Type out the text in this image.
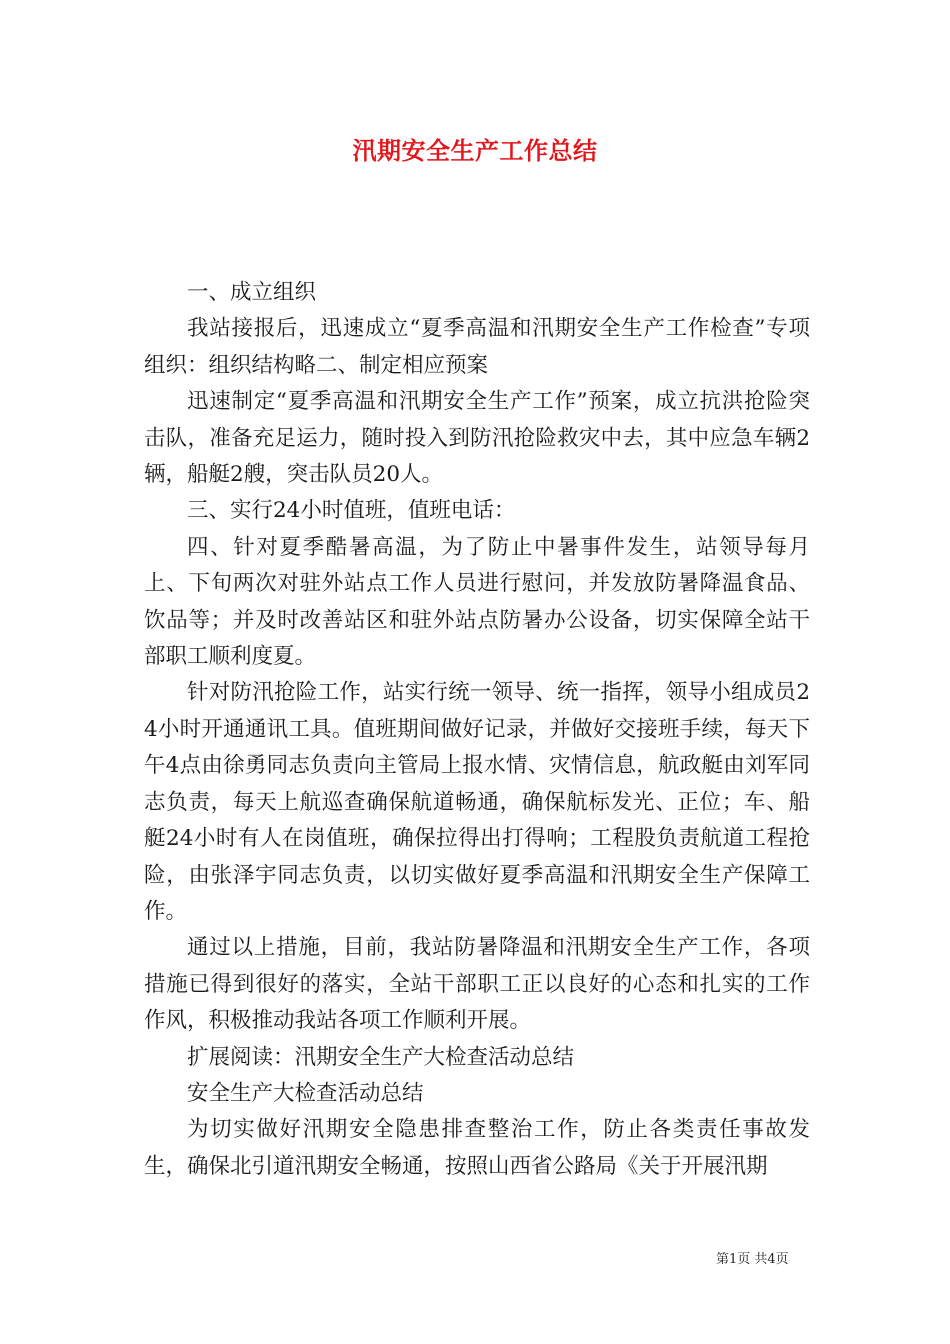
汛期安全生产工作总结

一、成立组织

我站接报后，迅速成立“夏季高温和汛期安全生产工作检查”专项组织：组织结构略二、制定相应预案

迅速制定“夏季高温和汛期安全生产工作”预案，成立抗洪抢险突击队，准备充足运力，随时投入到防汛抢险救灾中去，其中应急车辆2辆，船艇2艘，突击队员20人。

三、实行24小时值班，值班电话：

四、针对夏季酷暑高温，为了防止中暑事件发生，站领导每月上、下旬两次对驻外站点工作人员进行慰问，并发放防暑降温食品、饮品等；并及时改善站区和驻外站点防暑办公设备，切实保障全站干部职工顺利度夏。

针对防汛抢险工作，站实行统一领导、统一指挥，领导小组成员24小时开通通讯工具。值班期间做好记录，并做好交接班手续，每天下午4点由徐勇同志负责向主管局上报水情、灾情信息，航政艇由刘军同志负责，每天上航巡查确保航道畅通，确保航标发光、正位；车、船艇24小时有人在岗值班，确保拉得出打得响；工程股负责航道工程抢险，由张泽宇同志负责，以切实做好夏季高温和汛期安全生产保障工作。

通过以上措施，目前，我站防暑降温和汛期安全生产工作，各项措施已得到很好的落实，全站干部职工正以良好的心态和扎实的工作作风，积极推动我站各项工作顺利开展。

扩展阅读：汛期安全生产大检查活动总结

安全生产大检查活动总结

为切实做好汛期安全隐患排查整治工作，防止各类责任事故发生，确保北引道汛期安全畅通，按照山西省公路局《关于开展汛期

第1页 共4页
